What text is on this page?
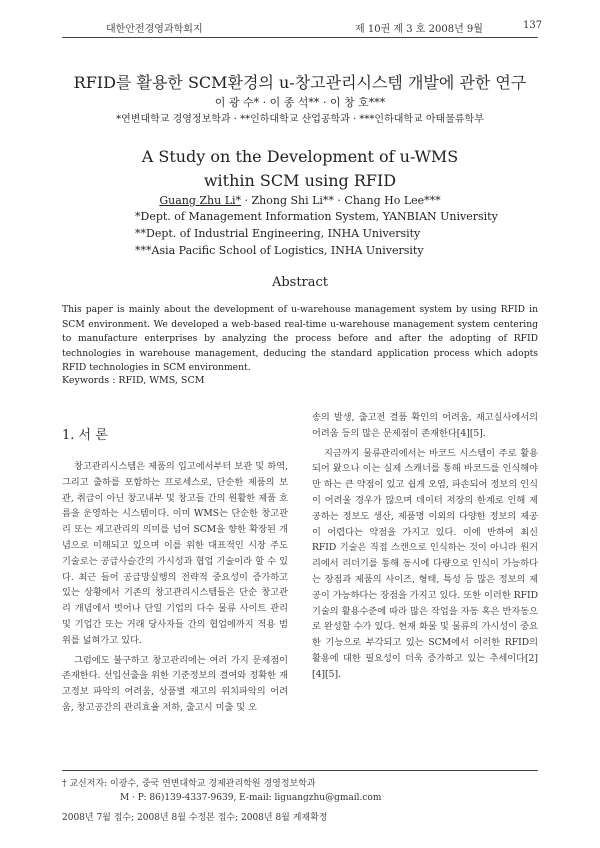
대한안전경영과학회지	제 10권 제 3 호 2008년 9월	137
RFID를 활용한 SCM환경의 u-창고관리시스템 개발에 관한 연구
이 광 수* · 이 종 석** · 이 창 호***
*연변대학교 경영정보학과 · **인하대학교 산업공학과 · ***인하대학교 아태물류학부
A Study on the Development of u-WMS
within SCM using RFID
Guang Zhu Li* · Zhong Shi Li** · Chang Ho Lee***
*Dept. of Management Information System, YANBIAN University
**Dept. of Industrial Engineering, INHA University
***Asia Pacific School of Logistics, INHA University
Abstract
This paper is mainly about the development of u-warehouse management system by using RFID in SCM environment. We developed a web-based real-time u-warehouse management system centering to manufacture enterprises by analyzing the process before and after the adopting of RFID technologies in warehouse management, deducing the standard application process which adopts RFID technologies in SCM environment.
Keywords : RFID, WMS, SCM
1. 서 론

창고관리시스템은 제품의 입고에서부터 보관 및 하역, 그리고 출하를 포함하는 프로세스로, 단순한 제품의 보관, 취급이 아닌 창고내부 및 창고들 간의 원활한 제품 흐름을 운영하는 시스템이다. 이미 WMS는 단순한 창고관리 또는 재고관리의 의미를 넘어 SCM을 향한 확장된 개념으로 이해되고 있으며 이를 위한 대표적인 시장 주도 기술로는 공급사슬간의 가시성과 협업 기술이라 할 수 있다. 최근 들어 공급망실행의 전략적 중요성이 증가하고 있는 상황에서 기존의 창고관리시스템들은 단순 창고관리 개념에서 벗어나 단일 기업의 다수 물류 사이트 관리 및 기업간 또는 거래 당사자들 간의 협업에까지 적용 범위를 넓혀가고 있다.

그럼에도 불구하고 창고관리에는 여러 가지 문제점이 존재한다. 선입선출을 위한 기준정보의 결여와 정확한 재고정보 파악의 어려움, 상품별 재고의 위치파악의 어려움, 창고공간의 관리효율 저하, 출고시 미출 및 오

송의 발생, 출고전 결품 확인의 어려움, 재고실사에서의 어려움 등의 많은 문제점이 존재한다[4][5].

지금까지 물류관리에서는 바코드 시스템이 주로 활용되어 왔으나 이는 실제 스캐너를 통해 바코드를 인식해야만 하는 큰 약점이 있고 쉽게 오염, 파손되어 정보의 인식이 어려울 경우가 많으며 데이터 저장의 한계로 인해 제공하는 정보도 생산, 제품명 이외의 다양한 정보의 제공이 어렵다는 약점을 가지고 있다. 이에 반하여 최신 RFID 기술은 직접 스캔으로 인식하는 것이 아니라 원거리에서 리더기를 통해 동시에 다량으로 인식이 가능하다는 장점과 제품의 사이즈, 형태, 특성 등 많은 정보의 제공이 가능하다는 장점을 가지고 있다. 또한 이러한 RFID 기술의 활용수준에 따라 많은 작업을 자동 혹은 반자동으로 완성할 수가 있다. 현재 화물 및 물류의 가시성이 중요한 기능으로 부각되고 있는 SCM에서 이러한 RFID의 활용에 대한 필요성이 더욱 증가하고 있는 추세이다[2][4][5].

† 교신저자: 이광수, 중국 연변대학교 경제관리학원 경영정보학과
M · P: 86)139-4337-9639, E-mail: liguangzhu@gmail.com
2008년 7월 접수; 2008년 8월 수정본 접수; 2008년 8월 게재확정
